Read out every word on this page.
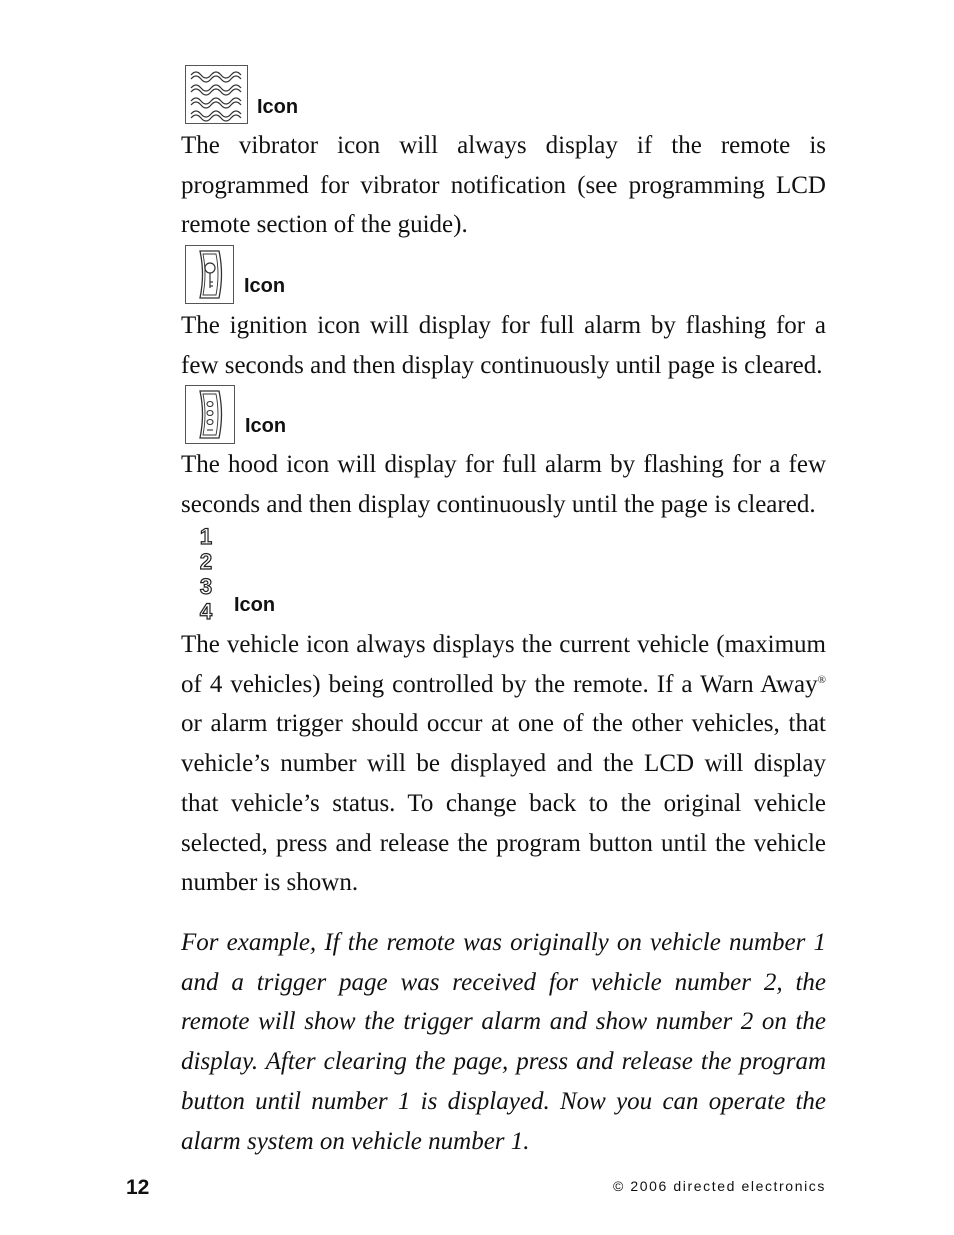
Icon

The vibrator icon will always display if the remote is programmed for vibrator notification (see programming LCD remote section of the guide).

Icon

The ignition icon will display for full alarm by flashing for a few seconds and then display continuously until page is cleared.

Icon

The hood icon will display for full alarm by flashing for a few seconds and then display continuously until the page is cleared.

1
2
3
4 Icon

The vehicle icon always displays the current vehicle (maximum of 4 vehicles) being controlled by the remote. If a Warn Away® or alarm trigger should occur at one of the other vehicles, that vehicle’s number will be displayed and the LCD will display that vehicle’s status. To change back to the original vehicle selected, press and release the program button until the vehicle number is shown.

For example, If the remote was originally on vehicle number 1 and a trigger page was received for vehicle number 2, the remote will show the trigger alarm and show number 2 on the display. After clearing the page, press and release the program button until number 1 is displayed. Now you can operate the alarm system on vehicle number 1.

12	© 2006 directed electronics
